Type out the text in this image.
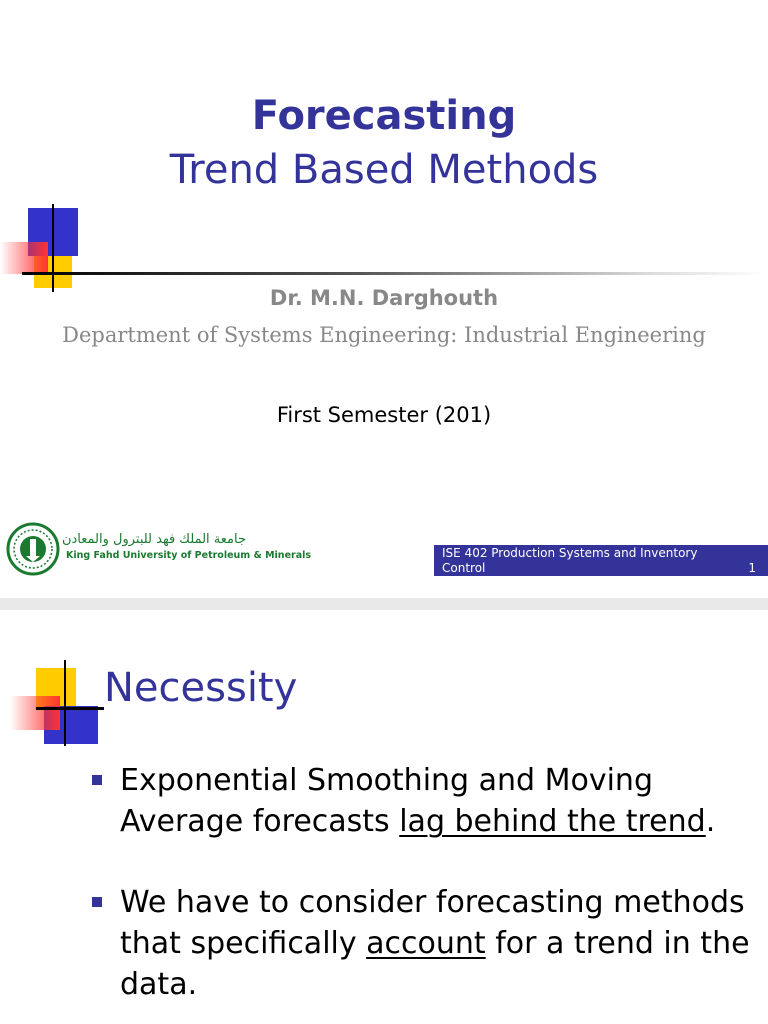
Forecasting
Trend Based Methods
Dr. M.N. Darghouth
Department of Systems Engineering: Industrial Engineering
First Semester (201)
جامعة الملك فهد للبترول والمعادن
King Fahd University of Petroleum & Minerals	ISE 402 Production Systems and Inventory
Control	1
Necessity
Exponential Smoothing and Moving Average forecasts lag behind the trend.
We have to consider forecasting methods that specifically account for a trend in the data.
